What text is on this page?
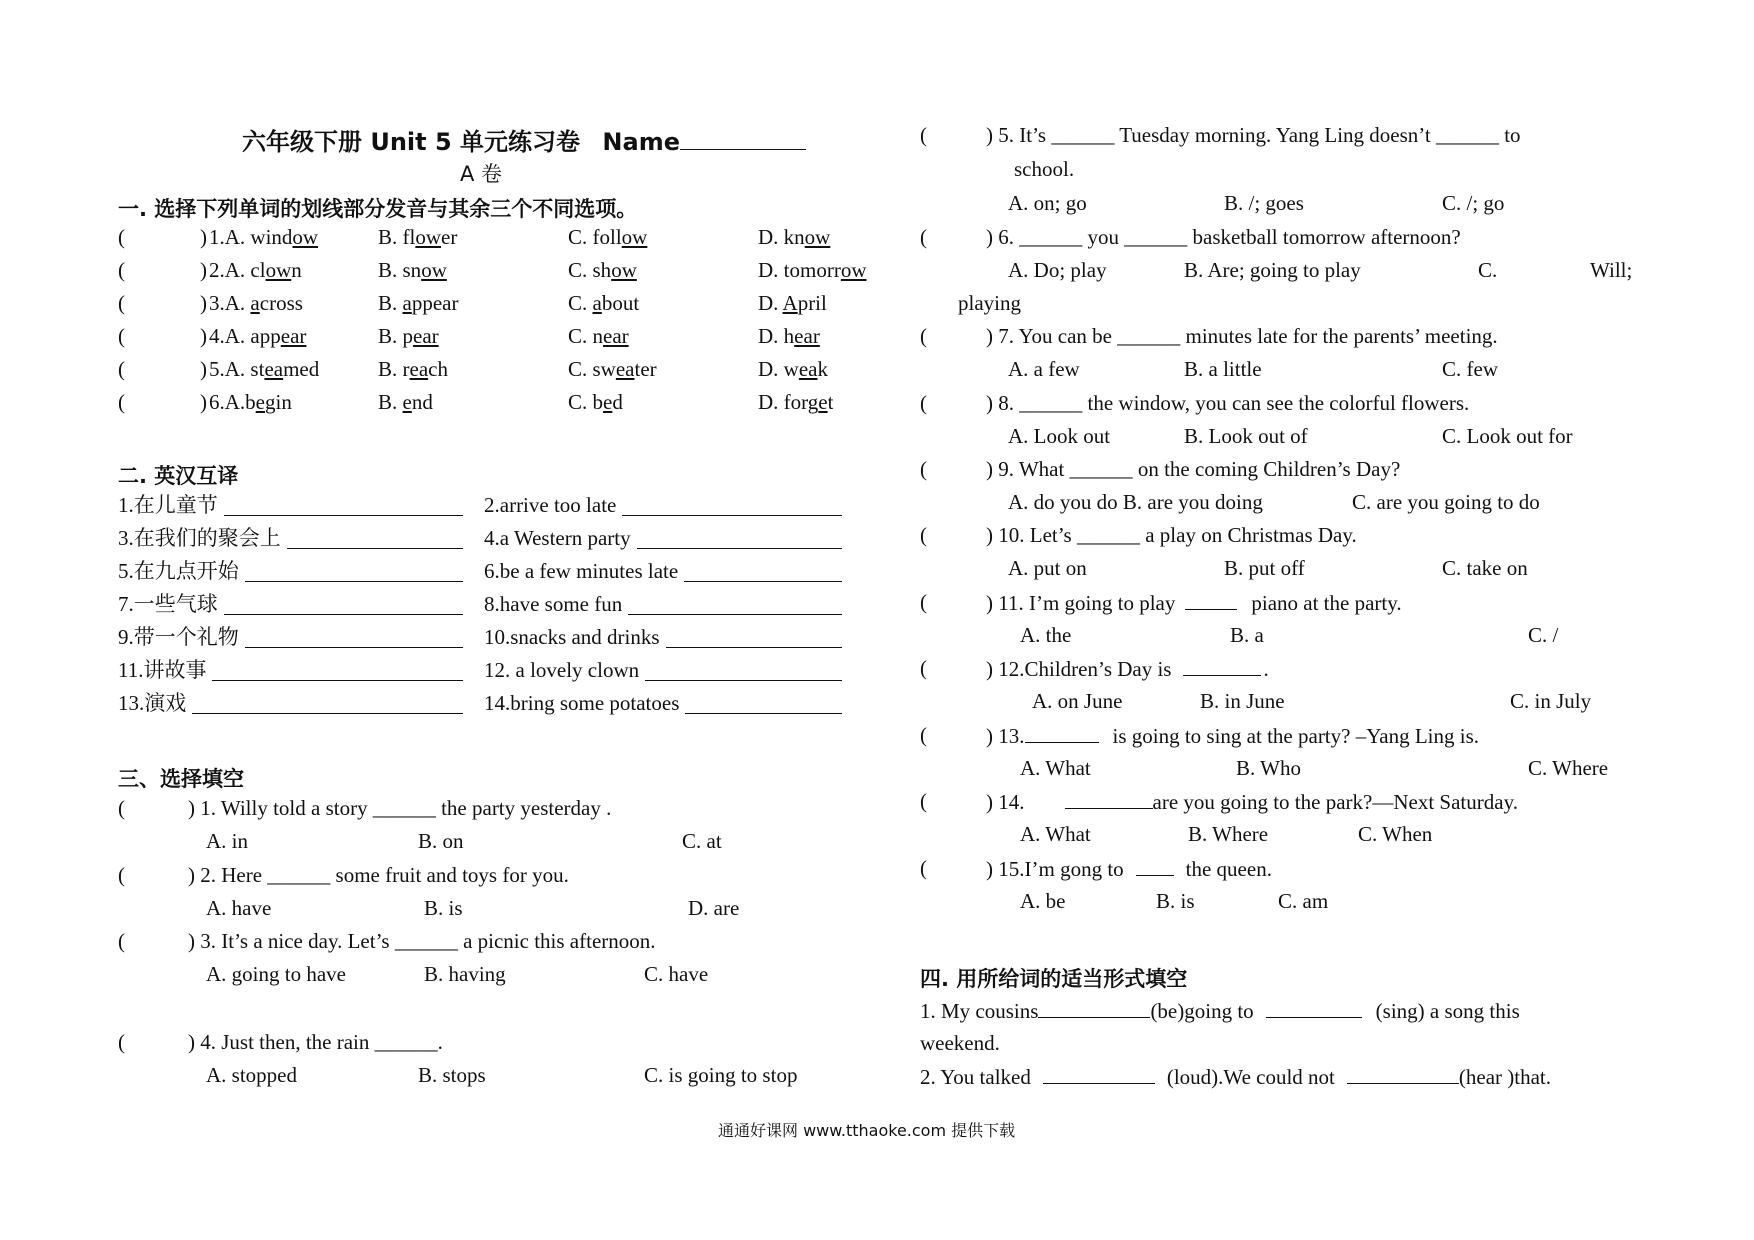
六年级下册 Unit 5 单元练习卷 Name
A 卷
一. 选择下列单词的划线部分发音与其余三个不同选项。
(	) 1.A. window	B. flower	C. follow	D. know
(	) 2.A. clown	B. snow	C. show	D. tomorrow
(	) 3.A. across	B. appear	C. about	D. April
(	) 4.A. appear	B. pear	C. near	D. hear
(	) 5.A. steamed	B. reach	C. sweater	D. weak
(	) 6.A.begin	B. end	C. bed	D. forget
二. 英汉互译
1.在儿童节	2.arrive too late
3.在我们的聚会上	4.a Western party
5.在九点开始	6.be a few minutes late
7.一些气球	8.have some fun
9.带一个礼物	10.snacks and drinks
11.讲故事	12. a lovely clown
13.演戏	14.bring some potatoes
三、选择填空
(	) 1. Willy told a story ______ the party yesterday .
A. in	B. on	C. at
(	) 2. Here ______ some fruit and toys for you.
A. have	B. is	D. are
(	) 3. It’s a nice day. Let’s ______ a picnic this afternoon.
A. going to have	B. having	C. have
(	) 4. Just then, the rain ______.
A. stopped	B. stops	C. is going to stop
(	) 5. It’s ______ Tuesday morning. Yang Ling doesn’t ______ to
A. on; go	B. /; goes	C. /; go
school.
(	) 6. ______ you ______ basketball tomorrow afternoon?
A. Do; play	B. Are; going to play	C.	Will;
playing
(	) 7. You can be ______ minutes late for the parents’ meeting.
A. a few	B. a little	C. few
(	) 8. ______ the window, you can see the colorful flowers.
A. Look out	B. Look out of	C. Look out for
(	) 9. What ______ on the coming Children’s Day?
A. do you do B. are you doing	C. are you going to do
(	) 10. Let’s ______ a play on Christmas Day.
A. put on	B. put off	C. take on
(	) 11. I’m going to play	piano at the party.
A. the	B. a	C. /
(	) 12.Children’s Day is	.
A. on June	B. in June	C. in July
(	) 13.	is going to sing at the party? –Yang Ling is.
A. What	B. Who	C. Where
(	) 14.	are you going to the park?—Next Saturday.
A. What	B. Where	C. When
(	) 15.I’m gong to	the queen.
A. be	B. is	C. am
四. 用所给词的适当形式填空
1. My cousins	(be)going to	(sing) a song this
weekend.
2. You talked	(loud).We could not	(hear )that.
通通好课网 www.tthaoke.com 提供下载
